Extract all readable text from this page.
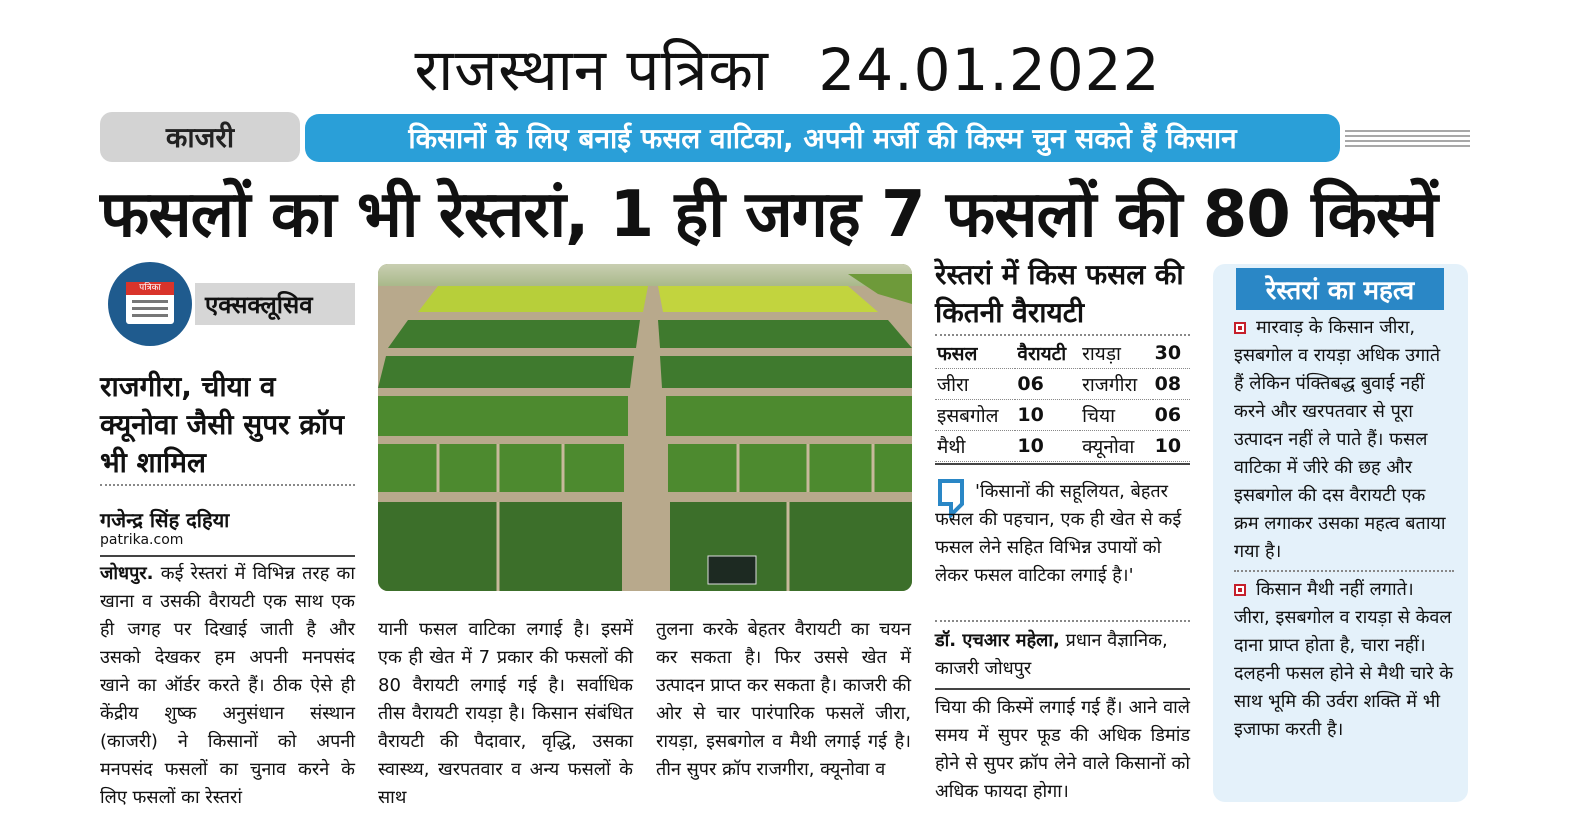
राजस्थान पत्रिका 24.01.2022
काजरी	किसानों के लिए बनाई फसल वाटिका, अपनी मर्जी की किस्म चुन सकते हैं किसान
फसलों का भी रेस्तरां, 1 ही जगह 7 फसलों की 80 किस्में
पत्रिका
एक्सक्लूसिव
राजगीरा, चीया व क्यूनोवा जैसी सुपर क्रॉप भी शामिल
गजेन्द्र सिंह दहिया
patrika.com
जोधपुर. कई रेस्तरां में विभिन्न तरह का खाना व उसकी वैरायटी एक साथ एक ही जगह पर दिखाई जाती है और उसको देखकर हम अपनी मनपसंद खाने का ऑर्डर करते हैं। ठीक ऐसे ही केंद्रीय शुष्क अनुसंधान संस्थान (काजरी) ने किसानों को अपनी मनपसंद फसलों का चुनाव करने के लिए फसलों का रेस्तरां
यानी फसल वाटिका लगाई है। इसमें एक ही खेत में 7 प्रकार की फसलों की 80 वैरायटी लगाई गई है। सर्वाधिक तीस वैरायटी रायड़ा है। किसान संबंधित वैरायटी की पैदावार, वृद्धि, उसका स्वास्थ्य, खरपतवार व अन्य फसलों के साथ
तुलना करके बेहतर वैरायटी का चयन कर सकता है। फिर उससे खेत में उत्पादन प्राप्त कर सकता है। काजरी की ओर से चार पारंपारिक फसलें जीरा, रायड़ा, इसबगोल व मैथी लगाई गई है। तीन सुपर क्रॉप राजगीरा, क्यूनोवा व
रेस्तरां में किस फसल की कितनी वैरायटी
फसल	वैरायटी	रायड़ा	30
जीरा	06	राजगीरा	08
इसबगोल	10	चिया	06
मैथी	10	क्यूनोवा	10
'किसानों की सहूलियत, बेहतर फसल की पहचान, एक ही खेत से कई फसल लेने सहित विभिन्न उपायों को लेकर फसल वाटिका लगाई है।'
डॉ. एचआर महेला, प्रधान वैज्ञानिक, काजरी जोधपुर
चिया की किस्में लगाई गई हैं। आने वाले समय में सुपर फूड की अधिक डिमांड होने से सुपर क्रॉप लेने वाले किसानों को अधिक फायदा होगा।
रेस्तरां का महत्व
मारवाड़ के किसान जीरा, इसबगोल व रायड़ा अधिक उगाते हैं लेकिन पंक्तिबद्ध बुवाई नहीं करने और खरपतवार से पूरा उत्पादन नहीं ले पाते हैं। फसल वाटिका में जीरे की छह और इसबगोल की दस वैरायटी एक क्रम लगाकर उसका महत्व बताया गया है।
किसान मैथी नहीं लगाते। जीरा, इसबगोल व रायड़ा से केवल दाना प्राप्त होता है, चारा नहीं। दलहनी फसल होने से मैथी चारे के साथ भूमि की उर्वरा शक्ति में भी इजाफा करती है।
